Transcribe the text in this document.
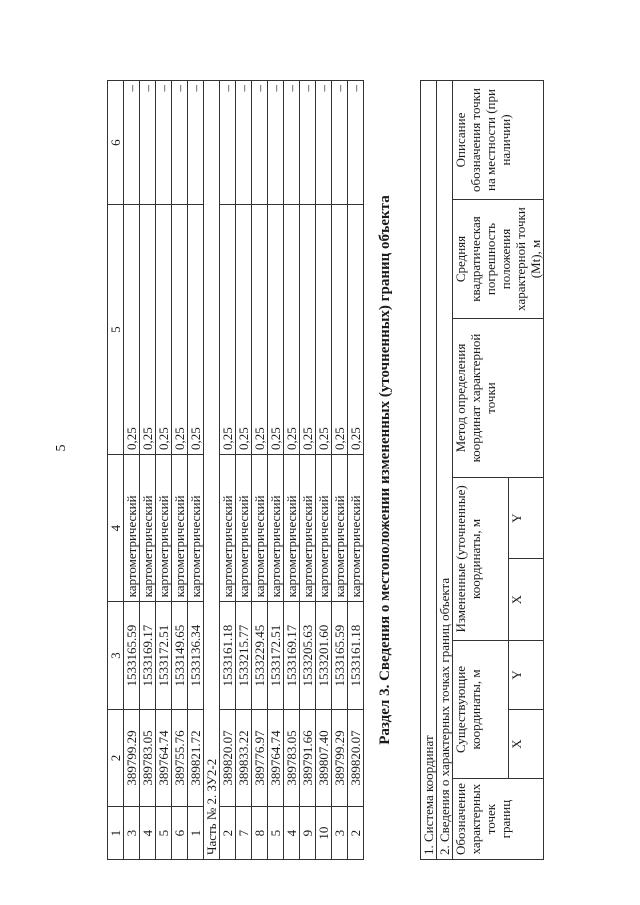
5
1	2	3	4	5	6
3	389799.29	1533165.59	картометрический	0,25	–
4	389783.05	1533169.17	картометрический	0,25	–
5	389764.74	1533172.51	картометрический	0,25	–
6	389755.76	1533149.65	картометрический	0,25	–
1	389821.72	1533136.34	картометрический	0,25	–
Часть № 2. ЗУ2-2					
2	389820.07	1533161.18	картометрический	0,25	–
7	389833.22	1533215.77	картометрический	0,25	–
8	389776.97	1533229.45	картометрический	0,25	–
5	389764.74	1533172.51	картометрический	0,25	–
4	389783.05	1533169.17	картометрический	0,25	–
9	389791.66	1533205.63	картометрический	0,25	–
10	389807.40	1533201.60	картометрический	0,25	–
3	389799.29	1533165.59	картометрический	0,25	–
2	389820.07	1533161.18	картометрический	0,25	–
Раздел 3. Сведения о местоположении измененных (уточненных) границ объекта
1. Система координат							
2. Сведения о характерных точках границ объекта							
Обозначение характерных точек границ	Существующие координаты, м		Измененные (уточненные) координаты, м		Метод определения координат характерной точки	Средняя квадратическая погрешность положения характерной точки (Mt), м	Описание обозначения точки на местности (при наличии)
	X	Y	X	Y			
